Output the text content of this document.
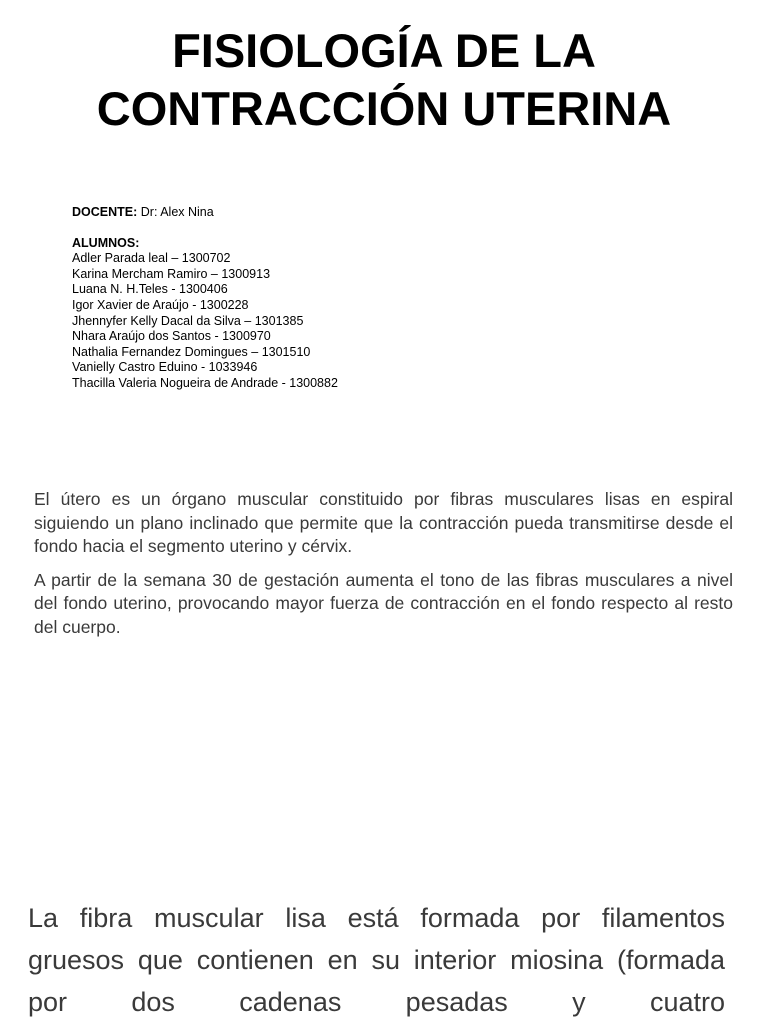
FISIOLOGÍA DE LA
CONTRACCIÓN UTERINA
DOCENTE: Dr: Alex Nina
ALUMNOS:
Adler Parada leal – 1300702
Karina Mercham Ramiro – 1300913
Luana N. H.Teles - 1300406
Igor Xavier de Araújo - 1300228
Jhennyfer Kelly Dacal da Silva – 1301385
Nhara Araújo dos Santos - 1300970
Nathalia Fernandez Domingues – 1301510
Vanielly Castro Eduino - 1033946
Thacilla Valeria Nogueira de Andrade - 1300882

El útero es un órgano muscular constituido por fibras musculares lisas en espiral siguiendo un plano inclinado que permite que la contracción pueda transmitirse desde el fondo hacia el segmento uterino y cérvix.

A partir de la semana 30 de gestación aumenta el tono de las fibras musculares a nivel del fondo uterino, provocando mayor fuerza de contracción en el fondo respecto al resto del cuerpo.

La fibra muscular lisa está formada por filamentos gruesos que contienen en su interior miosina (formada por dos cadenas pesadas y cuatro
